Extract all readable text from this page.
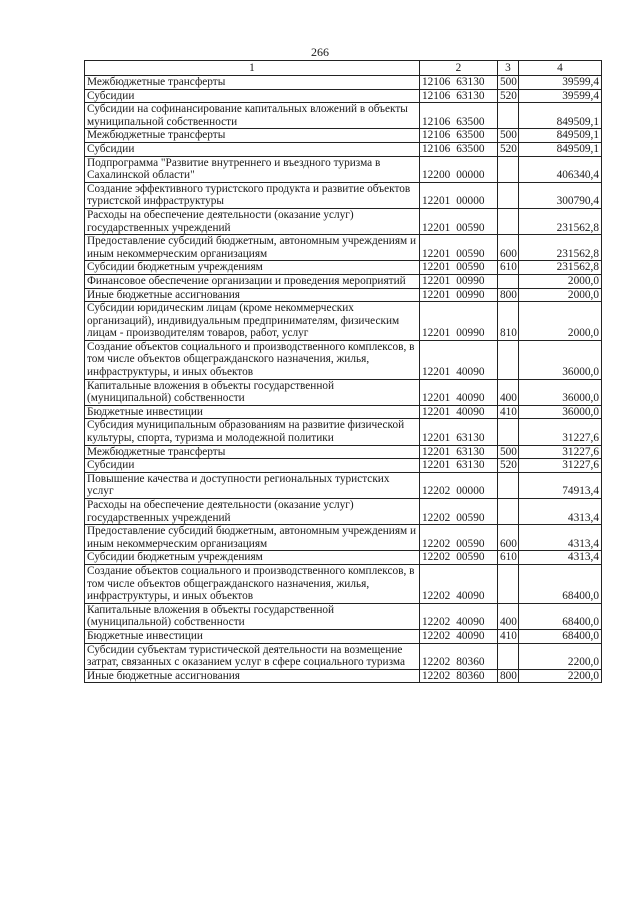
266
1	2	3	4
Межбюджетные трансферты	12106 63130	500	39599,4
Субсидии	12106 63130	520	39599,4
Субсидии на софинансирование капитальных вложений в объекты муниципальной собственности	12106 63500		849509,1
Межбюджетные трансферты	12106 63500	500	849509,1
Субсидии	12106 63500	520	849509,1
Подпрограмма "Развитие внутреннего и въездного туризма в Сахалинской области"	12200 00000		406340,4
Создание эффективного туристского продукта и развитие объектов туристской инфраструктуры	12201 00000		300790,4
Расходы на обеспечение деятельности (оказание услуг) государственных учреждений	12201 00590		231562,8
Предоставление субсидий бюджетным, автономным учреждениям и иным некоммерческим организациям	12201 00590	600	231562,8
Субсидии бюджетным учреждениям	12201 00590	610	231562,8
Финансовое обеспечение организации и проведения мероприятий	12201 00990		2000,0
Иные бюджетные ассигнования	12201 00990	800	2000,0
Субсидии юридическим лицам (кроме некоммерческих организаций), индивидуальным предпринимателям, физическим лицам - производителям товаров, работ, услуг	12201 00990	810	2000,0
Создание объектов социального и производственного комплексов, в том числе объектов общегражданского назначения, жилья, инфраструктуры, и иных объектов	12201 40090		36000,0
Капитальные вложения в объекты государственной (муниципальной) собственности	12201 40090	400	36000,0
Бюджетные инвестиции	12201 40090	410	36000,0
Субсидия муниципальным образованиям на развитие физической культуры, спорта, туризма и молодежной политики	12201 63130		31227,6
Межбюджетные трансферты	12201 63130	500	31227,6
Субсидии	12201 63130	520	31227,6
Повышение качества и доступности региональных туристских услуг	12202 00000		74913,4
Расходы на обеспечение деятельности (оказание услуг) государственных учреждений	12202 00590		4313,4
Предоставление субсидий бюджетным, автономным учреждениям и иным некоммерческим организациям	12202 00590	600	4313,4
Субсидии бюджетным учреждениям	12202 00590	610	4313,4
Создание объектов социального и производственного комплексов, в том числе объектов общегражданского назначения, жилья, инфраструктуры, и иных объектов	12202 40090		68400,0
Капитальные вложения в объекты государственной (муниципальной) собственности	12202 40090	400	68400,0
Бюджетные инвестиции	12202 40090	410	68400,0
Субсидии субъектам туристической деятельности на возмещение затрат, связанных с оказанием услуг в сфере социального туризма	12202 80360		2200,0
Иные бюджетные ассигнования	12202 80360	800	2200,0
